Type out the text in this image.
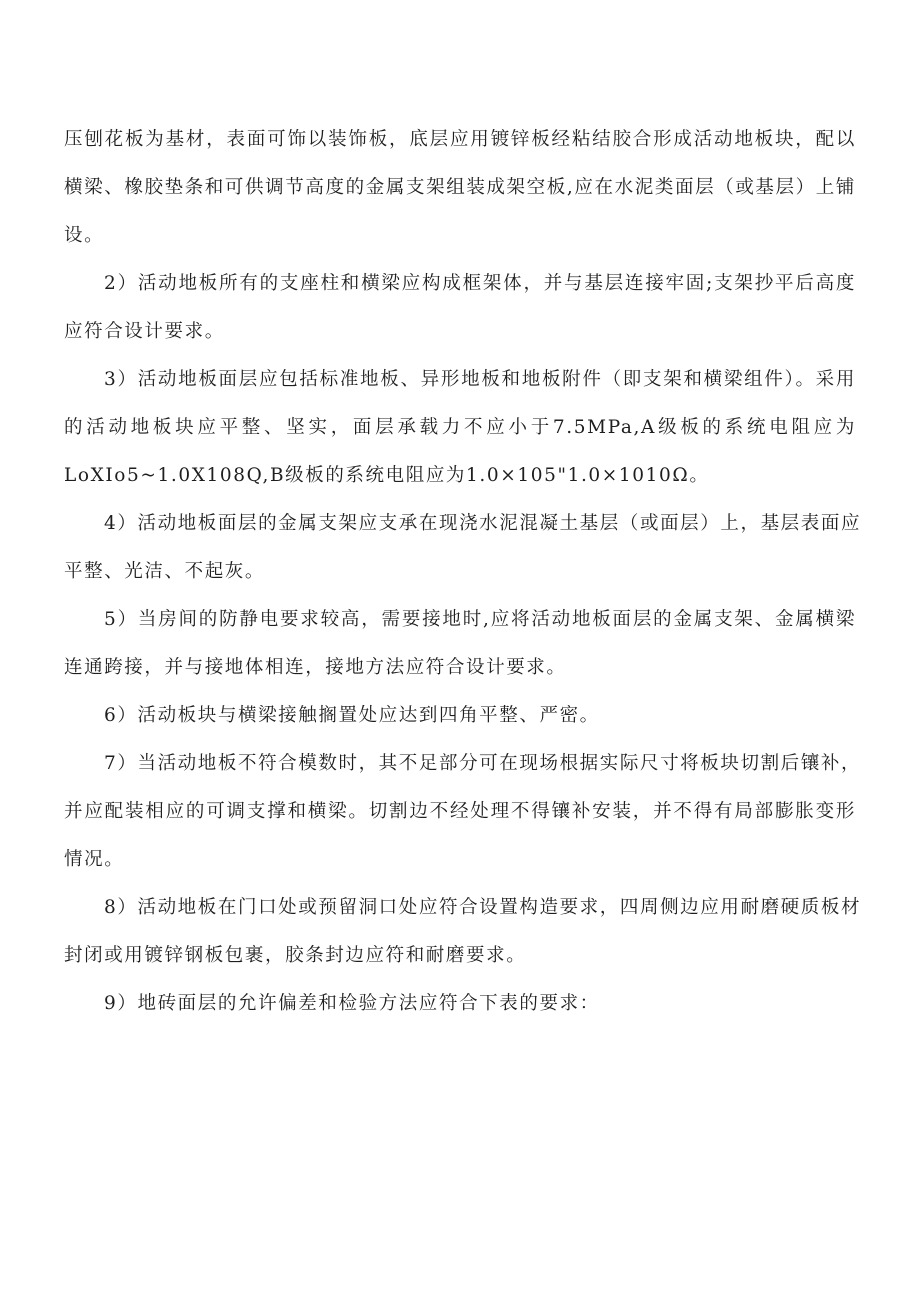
压刨花板为基材，表面可饰以装饰板，底层应用镀锌板经粘结胶合形成活动地板块，配以
横梁、橡胶垫条和可供调节高度的金属支架组装成架空板,应在水泥类面层（或基层）上铺
设。
2）活动地板所有的支座柱和横梁应构成框架体，并与基层连接牢固;支架抄平后高度
应符合设计要求。
3）活动地板面层应包括标准地板、异形地板和地板附件（即支架和横梁组件）。采用
的活动地板块应平整、坚实，面层承载力不应小于7.5MPa,A级板的系统电阻应为
LoXIo5~1.0X108Q,B级板的系统电阻应为1.0×105"1.0×1010Ω。
4）活动地板面层的金属支架应支承在现浇水泥混凝土基层（或面层）上，基层表面应
平整、光洁、不起灰。
5）当房间的防静电要求较高，需要接地时,应将活动地板面层的金属支架、金属横梁
连通跨接，并与接地体相连，接地方法应符合设计要求。
6）活动板块与横梁接触搁置处应达到四角平整、严密。
7）当活动地板不符合模数时，其不足部分可在现场根据实际尺寸将板块切割后镶补，
并应配装相应的可调支撑和横梁。切割边不经处理不得镶补安装，并不得有局部膨胀变形
情况。
8）活动地板在门口处或预留洞口处应符合设置构造要求，四周侧边应用耐磨硬质板材
封闭或用镀锌钢板包裹，胶条封边应符和耐磨要求。
9）地砖面层的允许偏差和检验方法应符合下表的要求：
